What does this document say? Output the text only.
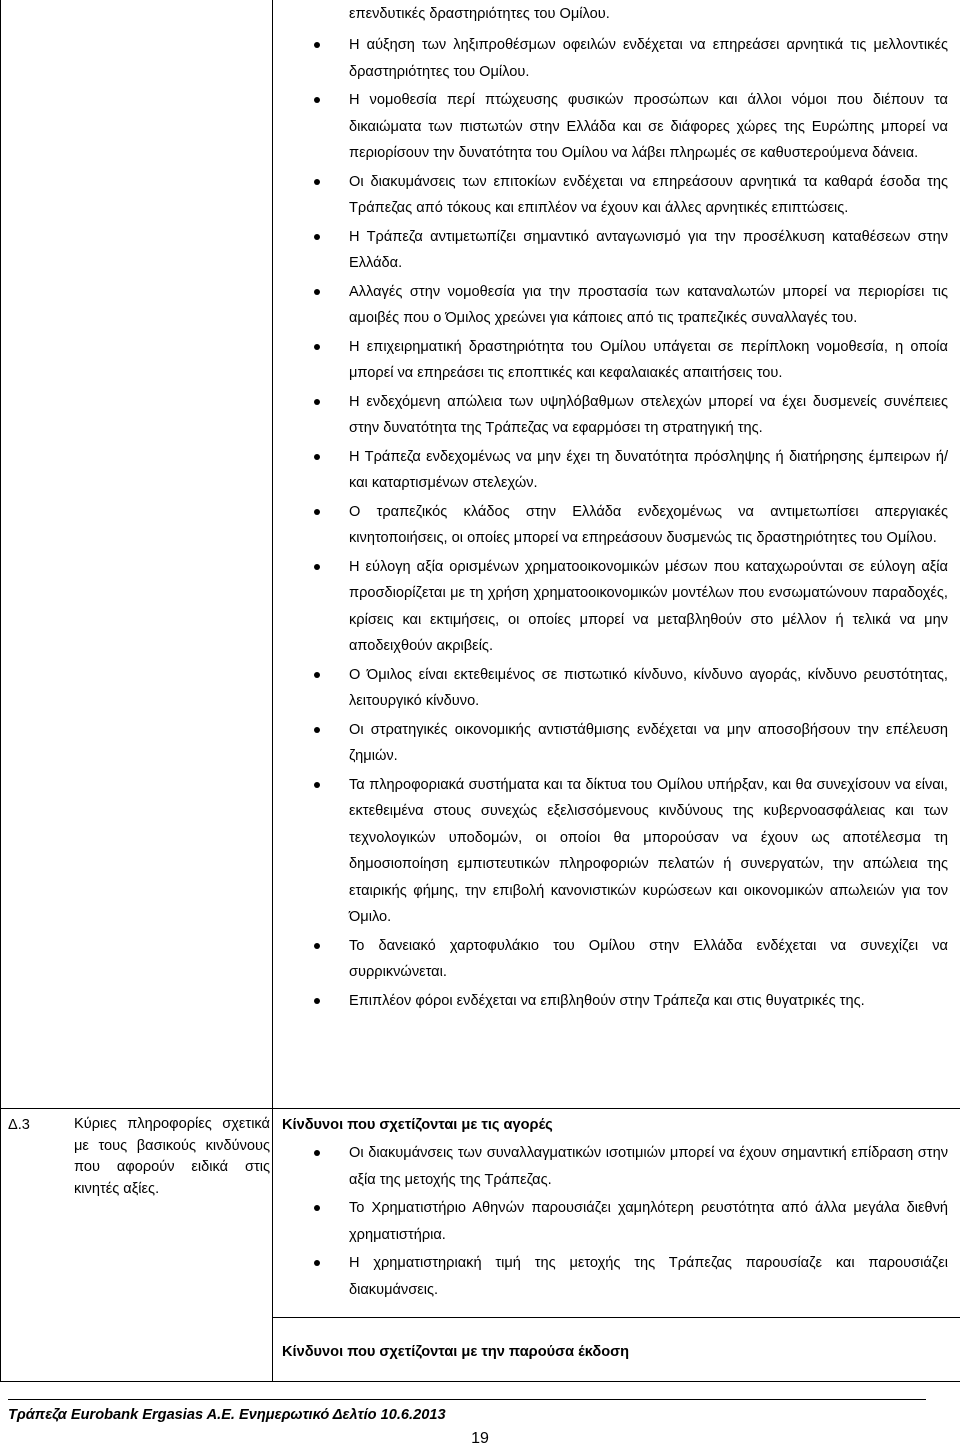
επενδυτικές δραστηριότητες του Ομίλου.
Η αύξηση των ληξιπροθέσμων οφειλών ενδέχεται να επηρεάσει αρνητικά τις μελλοντικές δραστηριότητες του Ομίλου.
Η νομοθεσία περί πτώχευσης φυσικών προσώπων και άλλοι νόμοι που διέπουν τα δικαιώματα των πιστωτών στην Ελλάδα και σε διάφορες χώρες της Ευρώπης μπορεί να περιορίσουν την δυνατότητα του Ομίλου να λάβει πληρωμές σε καθυστερούμενα δάνεια.
Οι διακυμάνσεις των επιτοκίων ενδέχεται να επηρεάσουν αρνητικά τα καθαρά έσοδα της Τράπεζας από τόκους και επιπλέον να έχουν και άλλες αρνητικές επιπτώσεις.
Η Τράπεζα αντιμετωπίζει σημαντικό ανταγωνισμό για την προσέλκυση καταθέσεων στην Ελλάδα.
Αλλαγές στην νομοθεσία για την προστασία των καταναλωτών μπορεί να περιορίσει τις αμοιβές που ο Όμιλος χρεώνει για κάποιες από τις τραπεζικές συναλλαγές του.
Η επιχειρηματική δραστηριότητα του Ομίλου υπάγεται σε περίπλοκη νομοθεσία, η οποία μπορεί να επηρεάσει τις εποπτικές και κεφαλαιακές απαιτήσεις του.
Η ενδεχόμενη απώλεια των υψηλόβαθμων στελεχών μπορεί να έχει δυσμενείς συνέπειες στην δυνατότητα της Τράπεζας να εφαρμόσει τη στρατηγική της.
Η Τράπεζα ενδεχομένως να μην έχει τη δυνατότητα πρόσληψης ή διατήρησης έμπειρων ή/και καταρτισμένων στελεχών.
Ο τραπεζικός κλάδος στην Ελλάδα ενδεχομένως να αντιμετωπίσει απεργιακές κινητοποιήσεις, οι οποίες μπορεί να επηρεάσουν δυσμενώς τις δραστηριότητες του Ομίλου.
Η εύλογη αξία ορισμένων χρηματοοικονομικών μέσων που καταχωρούνται σε εύλογη αξία προσδιορίζεται με τη χρήση χρηματοοικονομικών μοντέλων που ενσωματώνουν παραδοχές, κρίσεις και εκτιμήσεις, οι οποίες μπορεί να μεταβληθούν στο μέλλον ή τελικά να μην αποδειχθούν ακριβείς.
Ο Όμιλος είναι εκτεθειμένος σε πιστωτικό κίνδυνο, κίνδυνο αγοράς, κίνδυνο ρευστότητας, λειτουργικό κίνδυνο.
Οι στρατηγικές οικονομικής αντιστάθμισης ενδέχεται να μην αποσοβήσουν την επέλευση ζημιών.
Τα πληροφοριακά συστήματα και τα δίκτυα του Ομίλου υπήρξαν, και θα συνεχίσουν να είναι, εκτεθειμένα στους συνεχώς εξελισσόμενους κινδύνους της κυβερνοασφάλειας και των τεχνολογικών υποδομών, οι οποίοι θα μπορούσαν να έχουν ως αποτέλεσμα τη δημοσιοποίηση εμπιστευτικών πληροφοριών πελατών ή συνεργατών, την απώλεια της εταιρικής φήμης, την επιβολή κανονιστικών κυρώσεων και οικονομικών απωλειών για τον Όμιλο.
Το δανειακό χαρτοφυλάκιο του Ομίλου στην Ελλάδα ενδέχεται να συνεχίζει να συρρικνώνεται.
Επιπλέον φόροι ενδέχεται να επιβληθούν στην Τράπεζα και στις θυγατρικές της.
Δ.3	Κύριες πληροφορίες σχετικά με τους βασικούς κινδύνους που αφορούν ειδικά στις κινητές αξίες.
Κίνδυνοι που σχετίζονται με τις αγορές
Οι διακυμάνσεις των συναλλαγματικών ισοτιμιών μπορεί να έχουν σημαντική επίδραση στην αξία της μετοχής της Τράπεζας.
Το Χρηματιστήριο Αθηνών παρουσιάζει χαμηλότερη ρευστότητα από άλλα μεγάλα διεθνή χρηματιστήρια.
Η χρηματιστηριακή τιμή της μετοχής της Τράπεζας παρουσίαζε και παρουσιάζει διακυμάνσεις.
Κίνδυνοι που σχετίζονται με την παρούσα έκδοση
Τράπεζα Eurobank Ergasias A.E. Ενημερωτικό Δελτίο 10.6.2013
19
